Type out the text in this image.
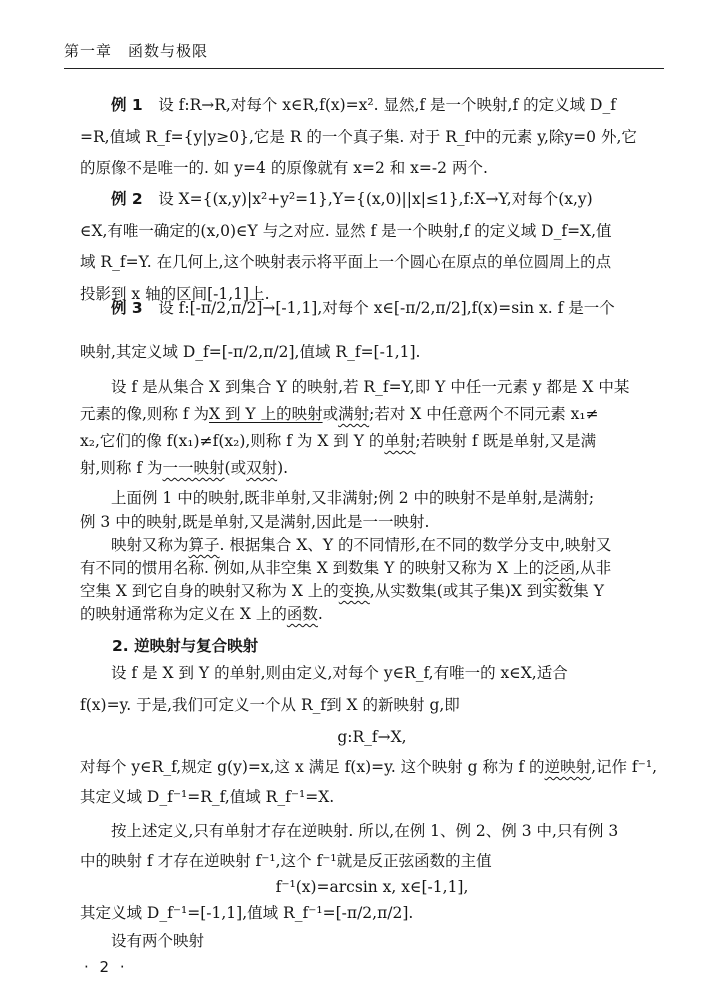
第一章　函数与极限
例 1　 设 f:R→R,对每个 x∈R,f(x)=x². 显然,f 是一个映射,f 的定义域 D_f
=R,值域 R_f={y|y≥0},它是 R 的一个真子集. 对于 R_f中的元素 y,除y=0 外,它
的原像不是唯一的. 如 y=4 的原像就有 x=2 和 x=-2 两个.
例 2　 设 X={(x,y)|x²+y²=1},Y={(x,0)||x|≤1},f:X→Y,对每个(x,y)
∈X,有唯一确定的(x,0)∈Y 与之对应. 显然 f 是一个映射,f 的定义域 D_f=X,值
域 R_f=Y. 在几何上,这个映射表示将平面上一个圆心在原点的单位圆周上的点
投影到 x 轴的区间[-1,1]上.
例 3　 设 f:[-π/2,π/2]→[-1,1],对每个 x∈[-π/2,π/2],f(x)=sin x. f 是一个
映射,其定义域 D_f=[-π/2,π/2],值域 R_f=[-1,1].
设 f 是从集合 X 到集合 Y 的映射,若 R_f=Y,即 Y 中任一元素 y 都是 X 中某
元素的像,则称 f 为X 到 Y 上的映射或满射;若对 X 中任意两个不同元素 x₁≠
x₂,它们的像 f(x₁)≠f(x₂),则称 f 为 X 到 Y 的单射;若映射 f 既是单射,又是满
射,则称 f 为一一映射(或双射).
上面例 1 中的映射,既非单射,又非满射;例 2 中的映射不是单射,是满射;
例 3 中的映射,既是单射,又是满射,因此是一一映射.
映射又称为算子. 根据集合 X、Y 的不同情形,在不同的数学分支中,映射又
2. 逆映射与复合映射
设 f 是 X 到 Y 的单射,则由定义,对每个 y∈R_f,有唯一的 x∈X,适合
f(x)=y. 于是,我们可定义一个从 R_f到 X 的新映射 g,即
g:R_f→X,
对每个 y∈R_f,规定 g(y)=x,这 x 满足 f(x)=y. 这个映射 g 称为 f 的逆映射,记作 f⁻¹,
其定义域 D_f⁻¹=R_f,值域 R_f⁻¹=X.
按上述定义,只有单射才存在逆映射. 所以,在例 1、例 2、例 3 中,只有例 3
中的映射 f 才存在逆映射 f⁻¹,这个 f⁻¹就是反正弦函数的主值
f⁻¹(x)=arcsin x, x∈[-1,1],
其定义域 D_f⁻¹=[-1,1],值域 R_f⁻¹=[-π/2,π/2].
· 2 ·
有不同的惯用名称. 例如,从非空集 X 到数集 Y 的映射又称为 X 上的泛函,从非
空集 X 到它自身的映射又称为 X 上的变换,从实数集(或其子集)X 到实数集 Y
的映射通常称为定义在 X 上的函数.
设有两个映射
